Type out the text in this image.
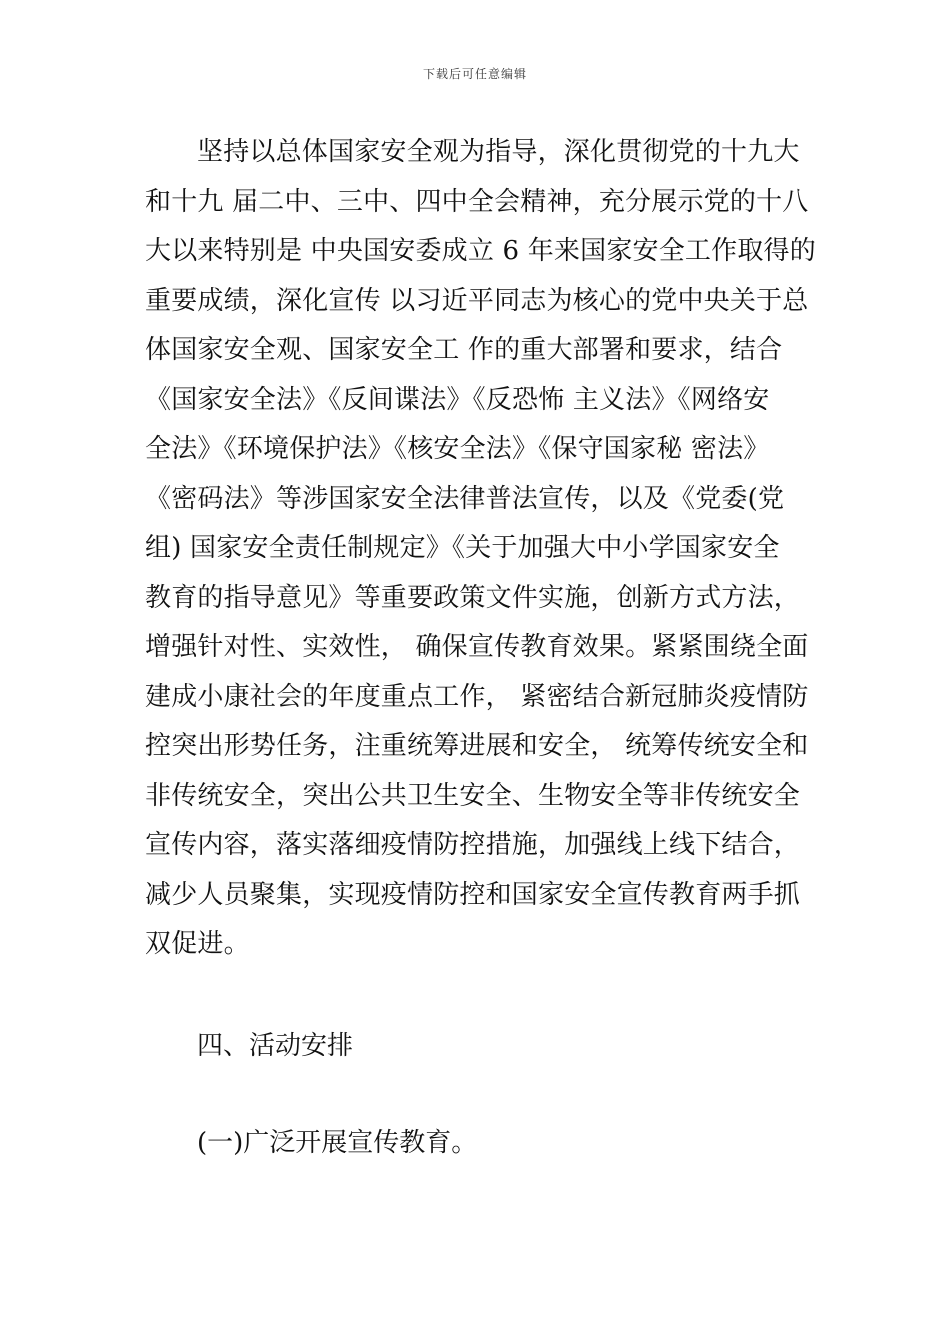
下载后可任意编辑
坚持以总体国家安全观为指导，深化贯彻党的十九大
和十九 届二中、三中、四中全会精神，充分展示党的十八
大以来特别是 中央国安委成立 6 年来国家安全工作取得的
重要成绩，深化宣传 以习近平同志为核心的党中央关于总
体国家安全观、国家安全工 作的重大部署和要求，结合
《国家安全法》《反间谍法》《反恐怖 主义法》《网络安
全法》《环境保护法》《核安全法》《保守国家秘 密法》
《密码法》等涉国家安全法律普法宣传，以及《党委(党
组) 国家安全责任制规定》《关于加强大中小学国家安全
教育的指导意见》等重要政策文件实施，创新方式方法，
增强针对性、实效性， 确保宣传教育效果。紧紧围绕全面
建成小康社会的年度重点工作， 紧密结合新冠肺炎疫情防
控突出形势任务，注重统筹进展和安全， 统筹传统安全和
非传统安全，突出公共卫生安全、生物安全等非传统安全
宣传内容，落实落细疫情防控措施，加强线上线下结合，
减少人员聚集，实现疫情防控和国家安全宣传教育两手抓
双促进。
四、活动安排
(一)广泛开展宣传教育。
